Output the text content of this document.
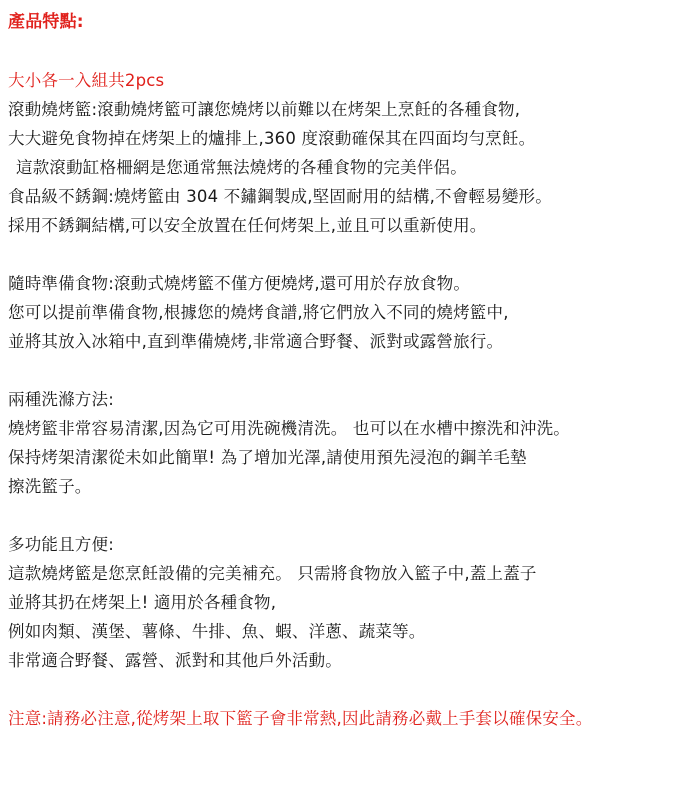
產品特點:
大小各一入組共2pcs
滾動燒烤籃:滾動燒烤籃可讓您燒烤以前難以在烤架上烹飪的各種食物,
大大避免食物掉在烤架上的爐排上,360 度滾動確保其在四面均勻烹飪。
這款滾動缸格柵網是您通常無法燒烤的各種食物的完美伴侶。
食品級不銹鋼:燒烤籃由 304 不鏽鋼製成,堅固耐用的結構,不會輕易變形。
採用不銹鋼結構,可以安全放置在任何烤架上,並且可以重新使用。
隨時準備食物:滾動式燒烤籃不僅方便燒烤,還可用於存放食物。
您可以提前準備食物,根據您的燒烤食譜,將它們放入不同的燒烤籃中,
並將其放入冰箱中,直到準備燒烤,非常適合野餐、派對或露營旅行。
兩種洗滌方法:
燒烤籃非常容易清潔,因為它可用洗碗機清洗。 也可以在水槽中擦洗和沖洗。
保持烤架清潔從未如此簡單! 為了增加光澤,請使用預先浸泡的鋼羊毛墊
擦洗籃子。
多功能且方便:
這款燒烤籃是您烹飪設備的完美補充。 只需將食物放入籃子中,蓋上蓋子
並將其扔在烤架上! 適用於各種食物,
例如肉類、漢堡、薯條、牛排、魚、蝦、洋蔥、蔬菜等。
非常適合野餐、露營、派對和其他戶外活動。
注意:請務必注意,從烤架上取下籃子會非常熱,因此請務必戴上手套以確保安全。
